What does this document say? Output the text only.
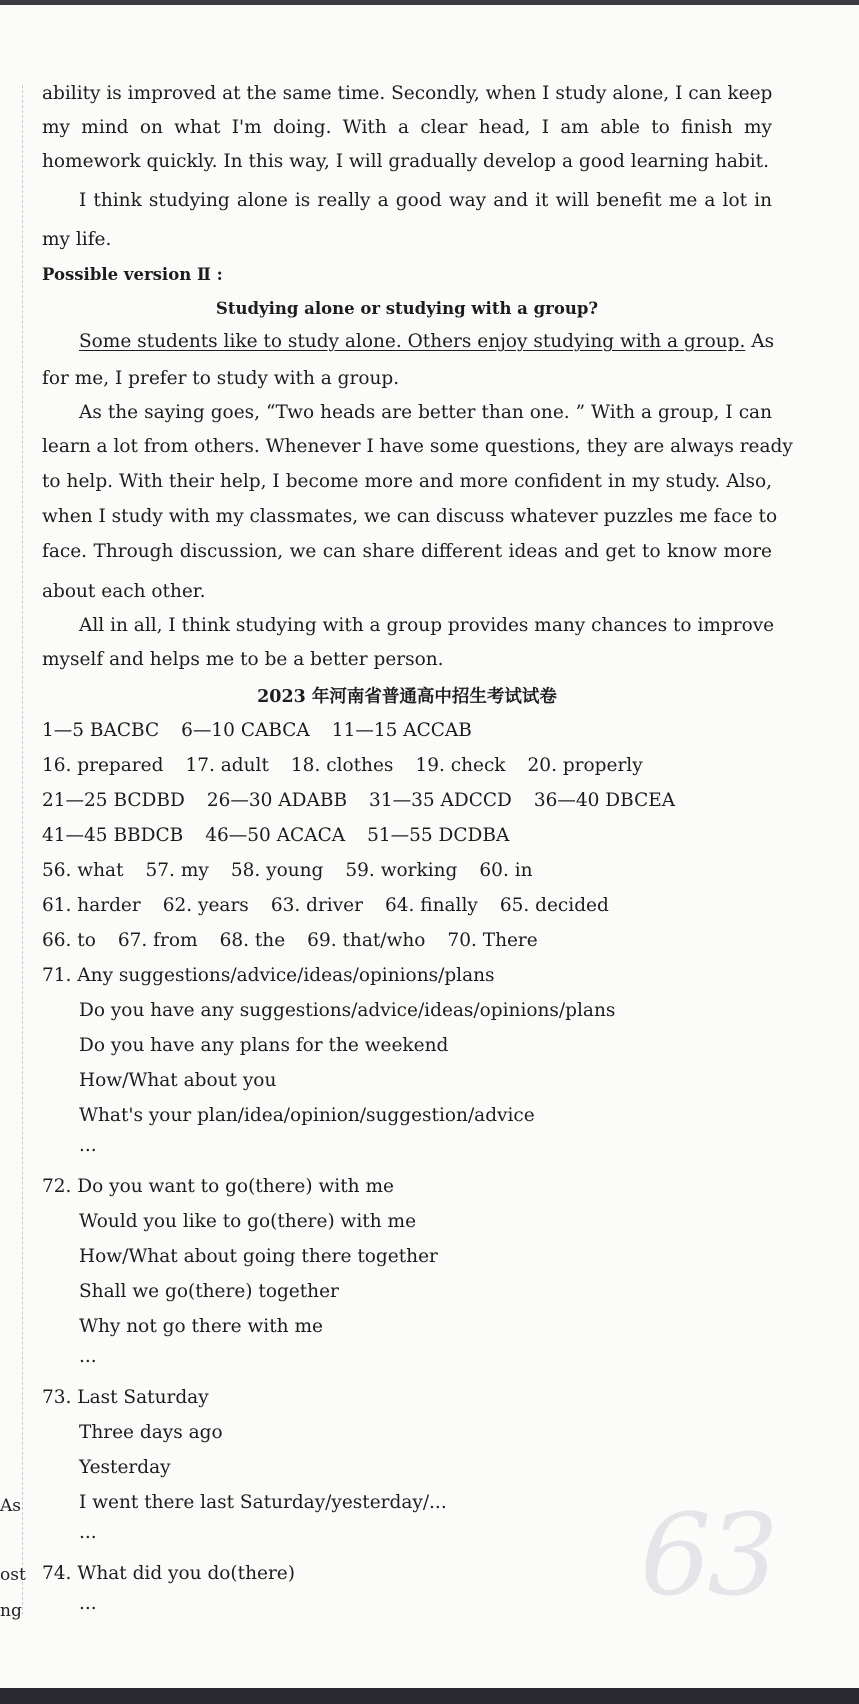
ability is improved at the same time. Secondly, when I study alone, I can keep
my mind on what I'm doing. With a clear head, I am able to finish my
homework quickly. In this way, I will gradually develop a good learning habit.
I think studying alone is really a good way and it will benefit me a lot in
my life.
Possible version Ⅱ :
Studying alone or studying with a group?
Some students like to study alone. Others enjoy studying with a group. As
for me, I prefer to study with a group.
As the saying goes, “Two heads are better than one. ” With a group, I can
learn a lot from others. Whenever I have some questions, they are always ready
to help. With their help, I become more and more confident in my study. Also,
when I study with my classmates, we can discuss whatever puzzles me face to
face. Through discussion, we can share different ideas and get to know more
about each other.
All in all, I think studying with a group provides many chances to improve
myself and helps me to be a better person.
2023 年河南省普通高中招生考试试卷
1—5 BACBC 6—10 CABCA 11—15 ACCAB
16. prepared 17. adult 18. clothes 19. check 20. properly
21—25 BCDBD 26—30 ADABB 31—35 ADCCD 36—40 DBCEA
41—45 BBDCB 46—50 ACACA 51—55 DCDBA
56. what 57. my 58. young 59. working 60. in
61. harder 62. years 63. driver 64. finally 65. decided
66. to 67. from 68. the 69. that/who 70. There
71. Any suggestions/advice/ideas/opinions/plans
Do you have any suggestions/advice/ideas/opinions/plans
Do you have any plans for the weekend
How/What about you
What's your plan/idea/opinion/suggestion/advice
...
72. Do you want to go(there) with me
Would you like to go(there) with me
How/What about going there together
Shall we go(there) together
Why not go there with me
...
73. Last Saturday
Three days ago
Yesterday
I went there last Saturday/yesterday/...
...
74. What did you do(there)
...
As
ost
ng	63
